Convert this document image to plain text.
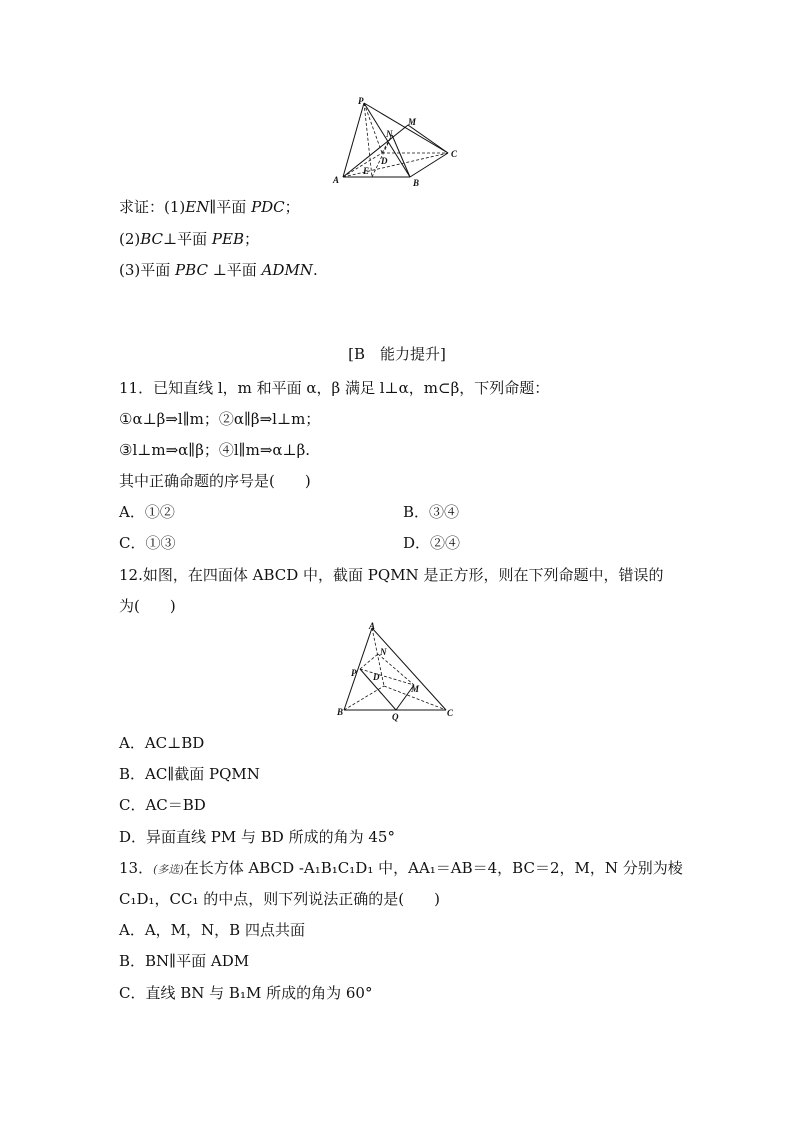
P
M
N
D
C
E
A	B
求证：(1)EN∥平面 PDC；
(2)BC⊥平面 PEB；
(3)平面 PBC ⊥平面 ADMN.
[B　能力提升]
11．已知直线 l，m 和平面 α，β 满足 l⊥α，m⊂β，下列命题：
①α⊥β⇒l∥m；②α∥β⇒l⊥m；
③l⊥m⇒α∥β；④l∥m⇒α⊥β.
其中正确命题的序号是(　　)
A．①②	B．③④
C．①③	D．②④
12.如图，在四面体 ABCD 中，截面 PQMN 是正方形，则在下列命题中，错误的
为(　　)
A
N
P D
M
B	Q	C
A．AC⊥BD
B．AC∥截面 PQMN
C．AC＝BD
D．异面直线 PM 与 BD 所成的角为 45°
13．(多选)在长方体 ABCD -A₁B₁C₁D₁ 中，AA₁＝AB＝4，BC＝2，M，N 分别为棱
C₁D₁，CC₁ 的中点，则下列说法正确的是(　　)
A．A，M，N，B 四点共面
B．BN∥平面 ADM
C．直线 BN 与 B₁M 所成的角为 60°
